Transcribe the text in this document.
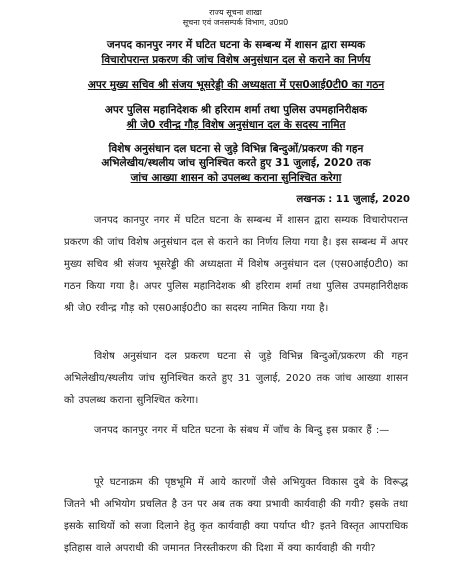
राज्य सूचना शाखा
सूचना एवं जनसम्पर्क विभाग, उ0प्र0
जनपद कानपुर नगर में घटित घटना के सम्बन्ध में शासन द्वारा सम्यक
विचारोपरान्त प्रकरण की जांच विशेष अनुसंधान दल से कराने का निर्णय
अपर मुख्य सचिव श्री संजय भूसरेड्डी की अध्यक्षता में एस0आई0टी0 का गठन
अपर पुलिस महानिदेशक श्री हरिराम शर्मा तथा पुलिस उपमहानिरीक्षक
श्री जे0 रवीन्द्र गौड़ विशेष अनुसंधान दल के सदस्य नामित
विशेष अनुसंधान दल घटना से जुड़े विभिन्न बिन्दुओं/प्रकरण की गहन
अभिलेखीय/स्थलीय जांच सुनिश्चित करते हुए 31 जुलाई, 2020 तक
जांच आख्या शासन को उपलब्ध कराना सुनिश्चित करेगा
लखनऊ : 11 जुलाई, 2020

जनपद कानपुर नगर में घटित घटना के सम्बन्ध में शासन द्वारा सम्यक विचारोपरान्त प्रकरण की जांच विशेष अनुसंधान दल से कराने का निर्णय लिया गया है। इस सम्बन्ध में अपर मुख्य सचिव श्री संजय भूसरेड्डी की अध्यक्षता में विशेष अनुसंधान दल (एस0आई0टी0) का गठन किया गया है। अपर पुलिस महानिदेशक श्री हरिराम शर्मा तथा पुलिस उपमहानिरीक्षक श्री जे0 रवीन्द्र गौड़ को एस0आई0टी0 का सदस्य नामित किया गया है।

विशेष अनुसंधान दल प्रकरण घटना से जुड़े विभिन्न बिन्दुओं/प्रकरण की गहन अभिलेखीय/स्थलीय जांच सुनिश्चित करते हुए 31 जुलाई, 2020 तक जांच आख्या शासन को उपलब्ध कराना सुनिश्चित करेगा।

जनपद कानपुर नगर में घटित घटना के संबध में जॉच के बिन्दु इस प्रकार हैं :—

पूरे घटनाक्रम की पृष्ठभूमि में आये कारणों जैसे अभियुक्त विकास दुबे के विरूद्ध जितने भी अभियोग प्रचलित है उन पर अब तक क्या प्रभावी कार्यवाही की गयी? इसके तथा इसके साथियों को सजा दिलाने हेतु कृत कार्यवाही क्या पर्याप्त थी? इतने विस्तृत आपराधिक इतिहास वाले अपराधी की जमानत निरस्तीकरण की दिशा में क्या कार्यवाही की गयी?
